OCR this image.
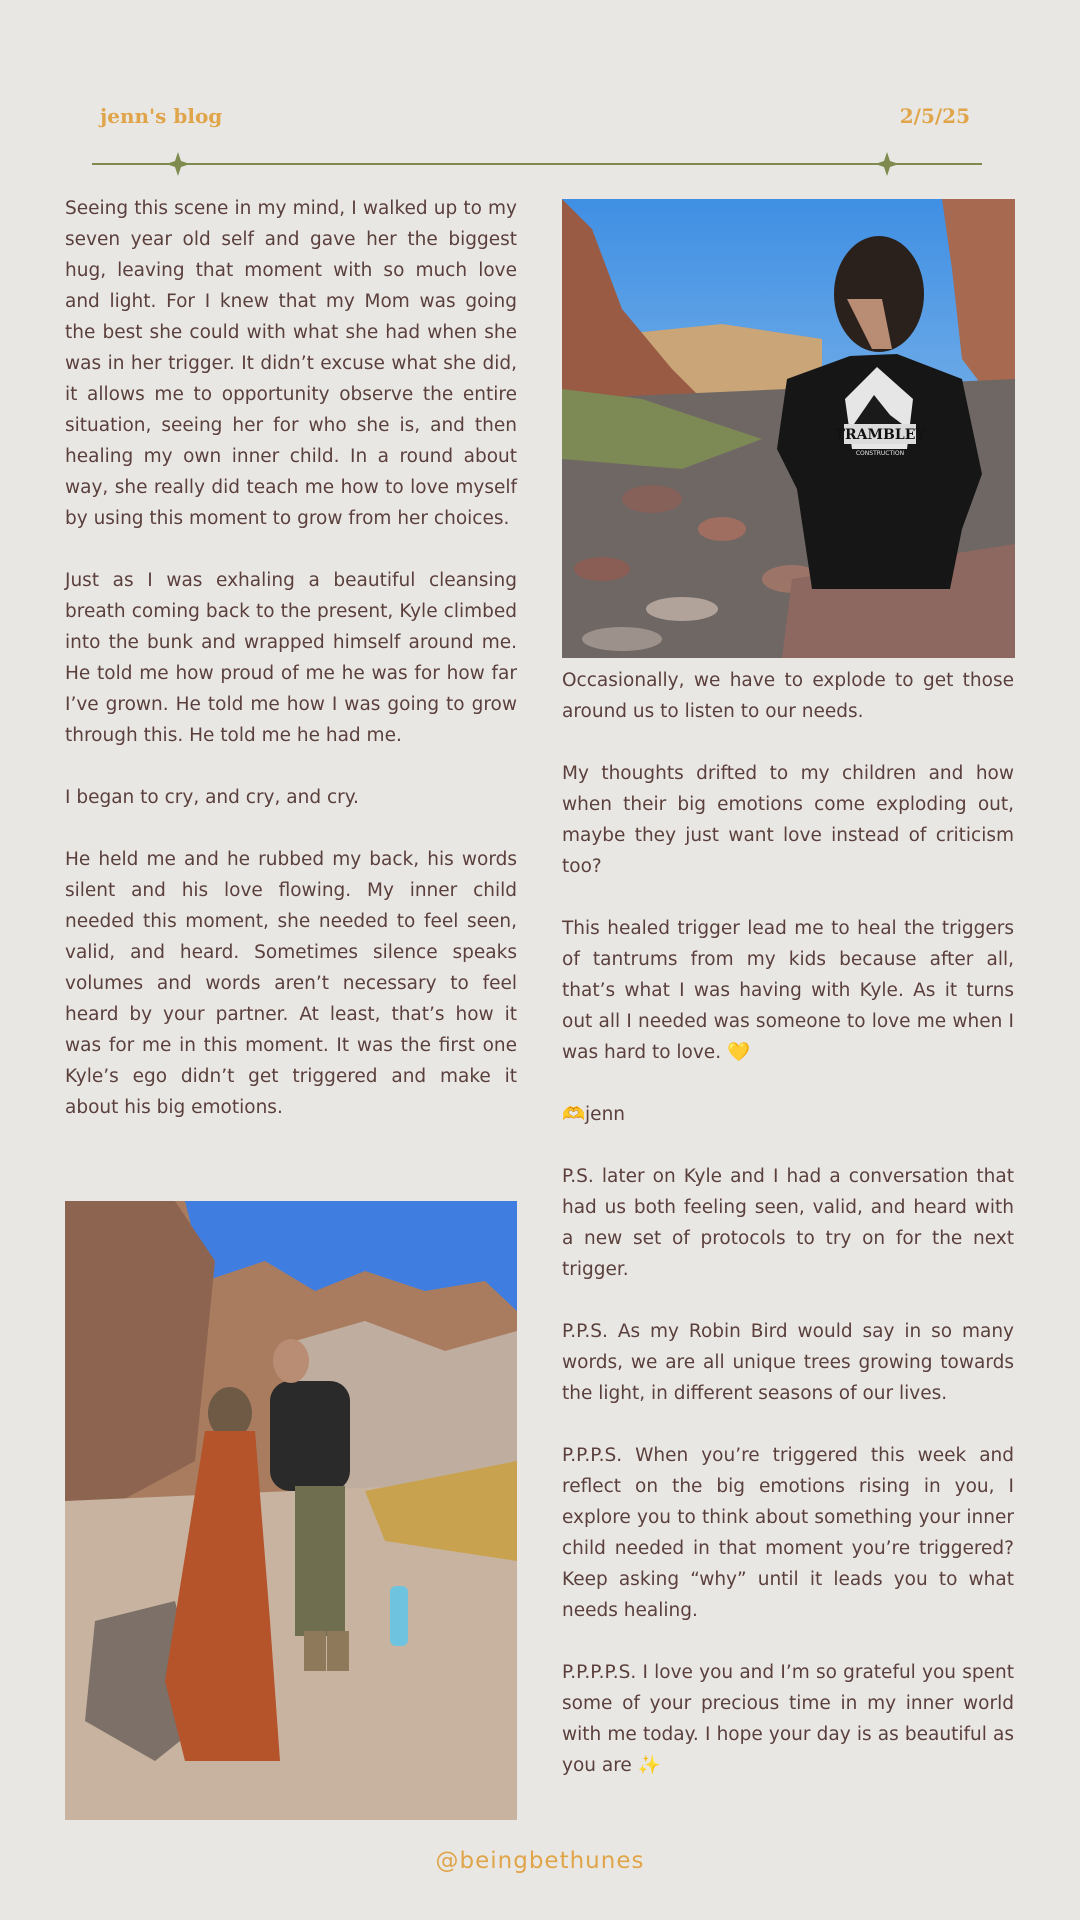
jenn's blog	2/5/25

Seeing this scene in my mind, I walked up to my seven year old self and gave her the biggest hug, leaving that moment with so much love and light. For I knew that my Mom was going the best she could with what she had when she was in her trigger. It didn’t excuse what she did, it allows me to opportunity observe the entire situation, seeing her for who she is, and then healing my own inner child. In a round about way, she really did teach me how to love myself by using this moment to grow from her choices.

Just as I was exhaling a beautiful cleansing breath coming back to the present, Kyle climbed into the bunk and wrapped himself around me. He told me how proud of me he was for how far I’ve grown. He told me how I was going to grow through this. He told me he had me.

I began to cry, and cry, and cry.

He held me and he rubbed my back, his words silent and his love flowing. My inner child needed this moment, she needed to feel seen, valid, and heard. Sometimes silence speaks volumes and words aren’t necessary to feel heard by your partner. At least, that’s how it was for me in this moment. It was the first one Kyle’s ego didn’t get triggered and make it about his big emotions.

TRAMBLEY
CONSTRUCTION

Occasionally, we have to explode to get those around us to listen to our needs.

My thoughts drifted to my children and how when their big emotions come exploding out, maybe they just want love instead of criticism too?

This healed trigger lead me to heal the triggers of tantrums from my kids because after all, that’s what I was having with Kyle. As it turns out all I needed was someone to love me when I was hard to love. 💛

🫶jenn

P.S. later on Kyle and I had a conversation that had us both feeling seen, valid, and heard with a new set of protocols to try on for the next trigger.

P.P.S. As my Robin Bird would say in so many words, we are all unique trees growing towards the light, in different seasons of our lives.

P.P.P.S. When you’re triggered this week and reflect on the big emotions rising in you, I explore you to think about something your inner child needed in that moment you’re triggered? Keep asking “why” until it leads you to what needs healing.

P.P.P.P.S. I love you and I’m so grateful you spent some of your precious time in my inner world with me today. I hope your day is as beautiful as you are ✨

@beingbethunes
